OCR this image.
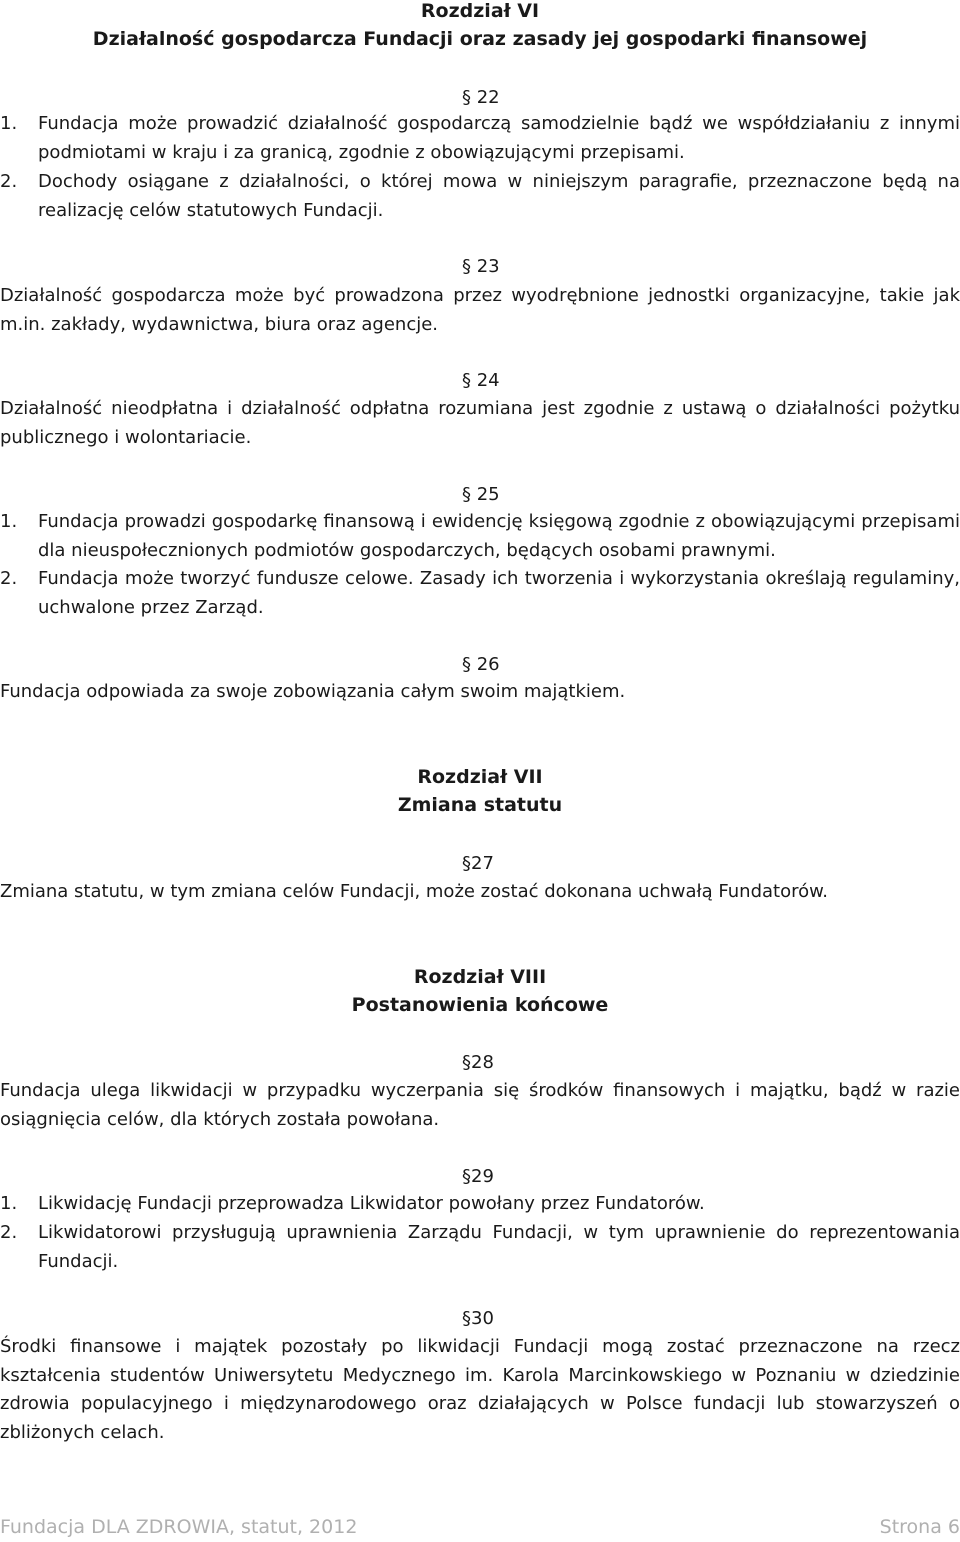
Rozdział VI
Działalność gospodarcza Fundacji oraz zasady jej gospodarki finansowej
§ 22
1. Fundacja może prowadzić działalność gospodarczą samodzielnie bądź we współdziałaniu z innymi podmiotami w kraju i za granicą, zgodnie z obowiązującymi przepisami.
2. Dochody osiągane z działalności, o której mowa w niniejszym paragrafie, przeznaczone będą na realizację celów statutowych Fundacji.
§ 23
Działalność gospodarcza może być prowadzona przez wyodrębnione jednostki organizacyjne, takie jak m.in. zakłady, wydawnictwa, biura oraz agencje.
§ 24
Działalność nieodpłatna i działalność odpłatna rozumiana jest zgodnie z ustawą o działalności pożytku publicznego i wolontariacie.
§ 25
1. Fundacja prowadzi gospodarkę finansową i ewidencję księgową zgodnie z obowiązującymi przepisami dla nieuspołecznionych podmiotów gospodarczych, będących osobami prawnymi.
2. Fundacja może tworzyć fundusze celowe. Zasady ich tworzenia i wykorzystania określają regulaminy, uchwalone przez Zarząd.
§ 26
Fundacja odpowiada za swoje zobowiązania całym swoim majątkiem.
Rozdział VII
Zmiana statutu
§27
Zmiana statutu, w tym zmiana celów Fundacji, może zostać dokonana uchwałą Fundatorów.
Rozdział VIII
Postanowienia końcowe
§28
Fundacja ulega likwidacji w przypadku wyczerpania się środków finansowych i majątku, bądź w razie osiągnięcia celów, dla których została powołana.
§29
1. Likwidację Fundacji przeprowadza Likwidator powołany przez Fundatorów.
2. Likwidatorowi przysługują uprawnienia Zarządu Fundacji, w tym uprawnienie do reprezentowania Fundacji.
§30
Środki finansowe i majątek pozostały po likwidacji Fundacji mogą zostać przeznaczone na rzecz kształcenia studentów Uniwersytetu Medycznego im. Karola Marcinkowskiego w Poznaniu w dziedzinie zdrowia populacyjnego i międzynarodowego oraz działających w Polsce fundacji lub stowarzyszeń o zbliżonych celach.
Fundacja DLA ZDROWIA, statut, 2012	Strona 6
